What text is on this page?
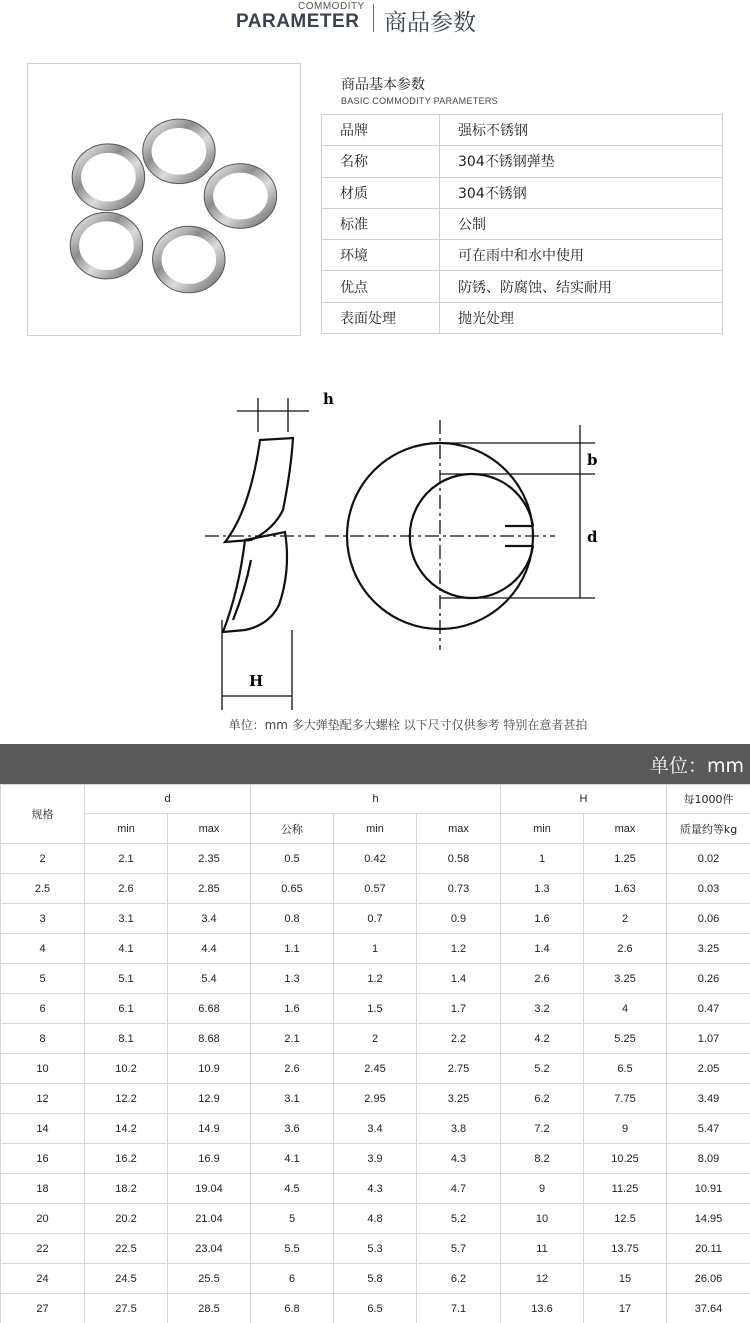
COMMODITY
PARAMETER 商品参数
商品基本参数
BASIC COMMODITY PARAMETERS
品牌	强标不锈钢
名称	304不锈钢弹垫
材质	304不锈钢
标准	公制
环境	可在雨中和水中使用
优点	防锈、防腐蚀、结实耐用
表面处理	抛光处理
h
b
d
H
单位：mm 多大弹垫配多大螺栓 以下尺寸仅供参考 特别在意者甚拍
单位：mm
规格	d		h			H		每1000件
	min	max	公称	min	max	min	max	质量约等kg
2	2.1	2.35	0.5	0.42	0.58	1	1.25	0.02
2.5	2.6	2.85	0.65	0.57	0.73	1.3	1.63	0.03
3	3.1	3.4	0.8	0.7	0.9	1.6	2	0.06
4	4.1	4.4	1.1	1	1.2	1.4	2.6	3.25
5	5.1	5.4	1.3	1.2	1.4	2.6	3.25	0.26
6	6.1	6.68	1.6	1.5	1.7	3.2	4	0.47
8	8.1	8.68	2.1	2	2.2	4.2	5.25	1.07
10	10.2	10.9	2.6	2.45	2.75	5.2	6.5	2.05
12	12.2	12.9	3.1	2.95	3.25	6.2	7.75	3.49
14	14.2	14.9	3.6	3.4	3.8	7.2	9	5.47
16	16.2	16.9	4.1	3.9	4.3	8.2	10.25	8.09
18	18.2	19.04	4.5	4.3	4.7	9	11.25	10.91
20	20.2	21.04	5	4.8	5.2	10	12.5	14.95
22	22.5	23.04	5.5	5.3	5.7	11	13.75	20.11
24	24.5	25.5	6	5.8	6.2	12	15	26.06
27	27.5	28.5	6.8	6.5	7.1	13.6	17	37.64
